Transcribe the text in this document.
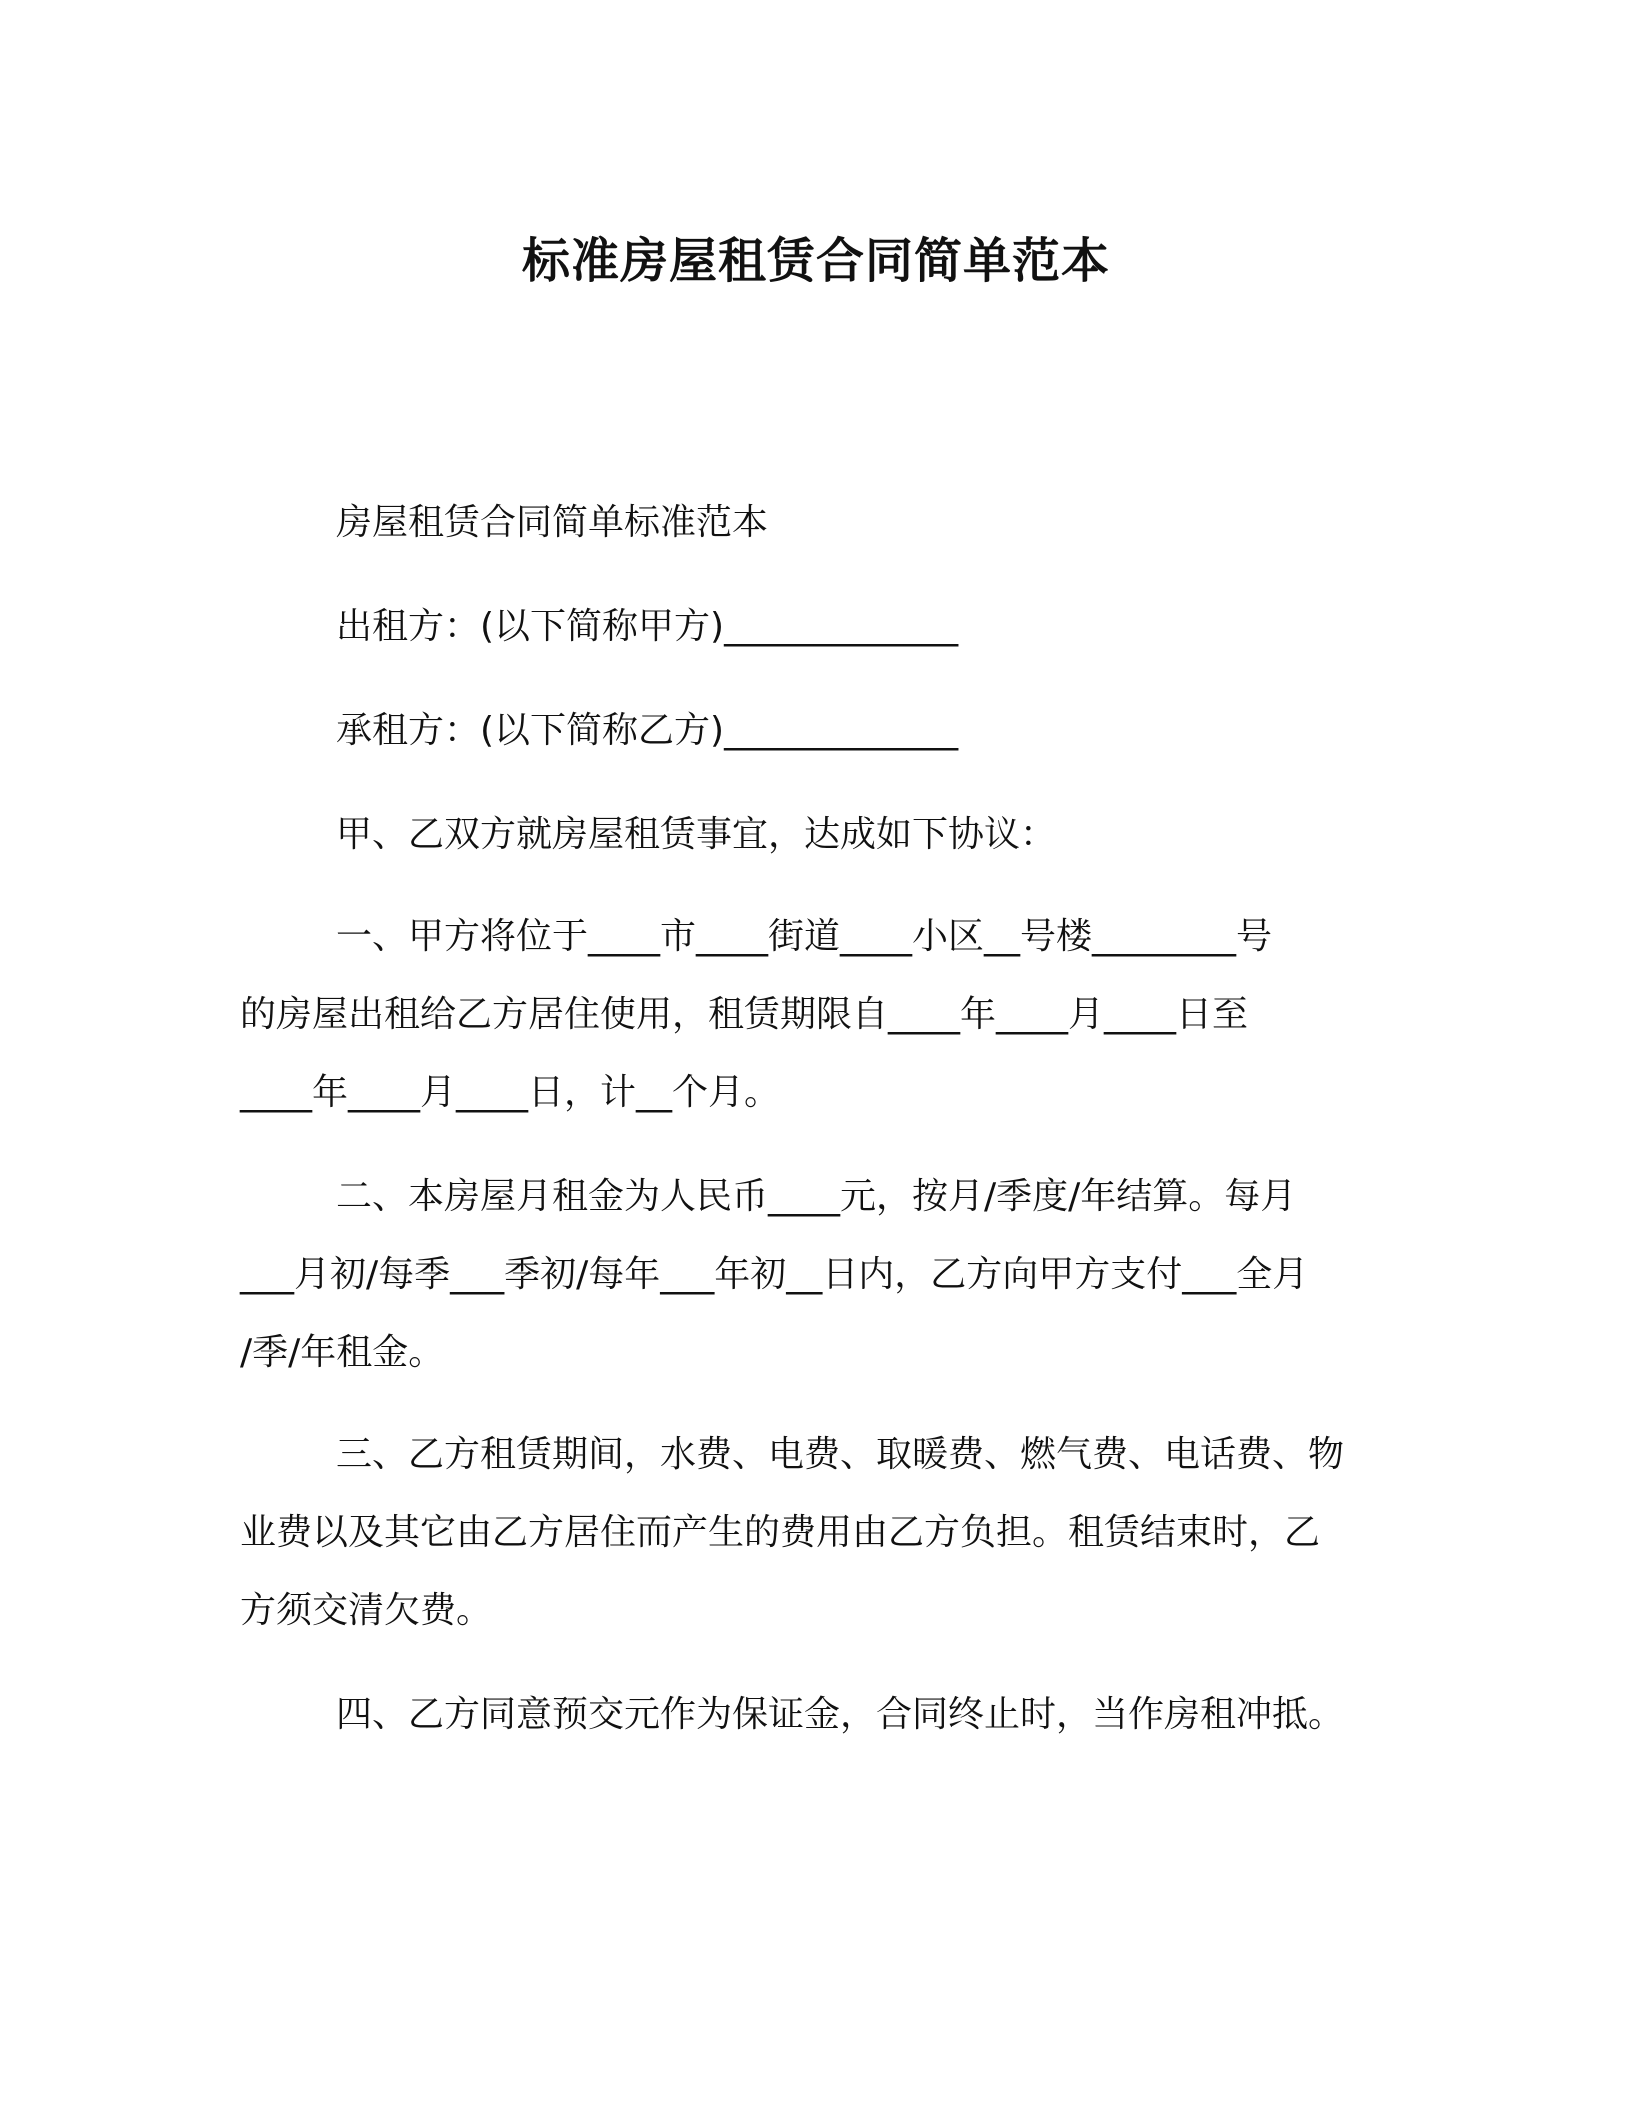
标准房屋租赁合同简单范本
房屋租赁合同简单标准范本
出租方：(以下简称甲方)_____________
承租方：(以下简称乙方)_____________
甲、乙双方就房屋租赁事宜，达成如下协议：
一、甲方将位于____市____街道____小区__号楼________号
的房屋出租给乙方居住使用，租赁期限自____年____月____日至
____年____月____日，计__个月。
二、本房屋月租金为人民币____元，按月/季度/年结算。每月
___月初/每季___季初/每年___年初__日内，乙方向甲方支付___全月
/季/年租金。
三、乙方租赁期间，水费、电费、取暖费、燃气费、电话费、物
业费以及其它由乙方居住而产生的费用由乙方负担。租赁结束时，乙
方须交清欠费。
四、乙方同意预交元作为保证金，合同终止时，当作房租冲抵。
